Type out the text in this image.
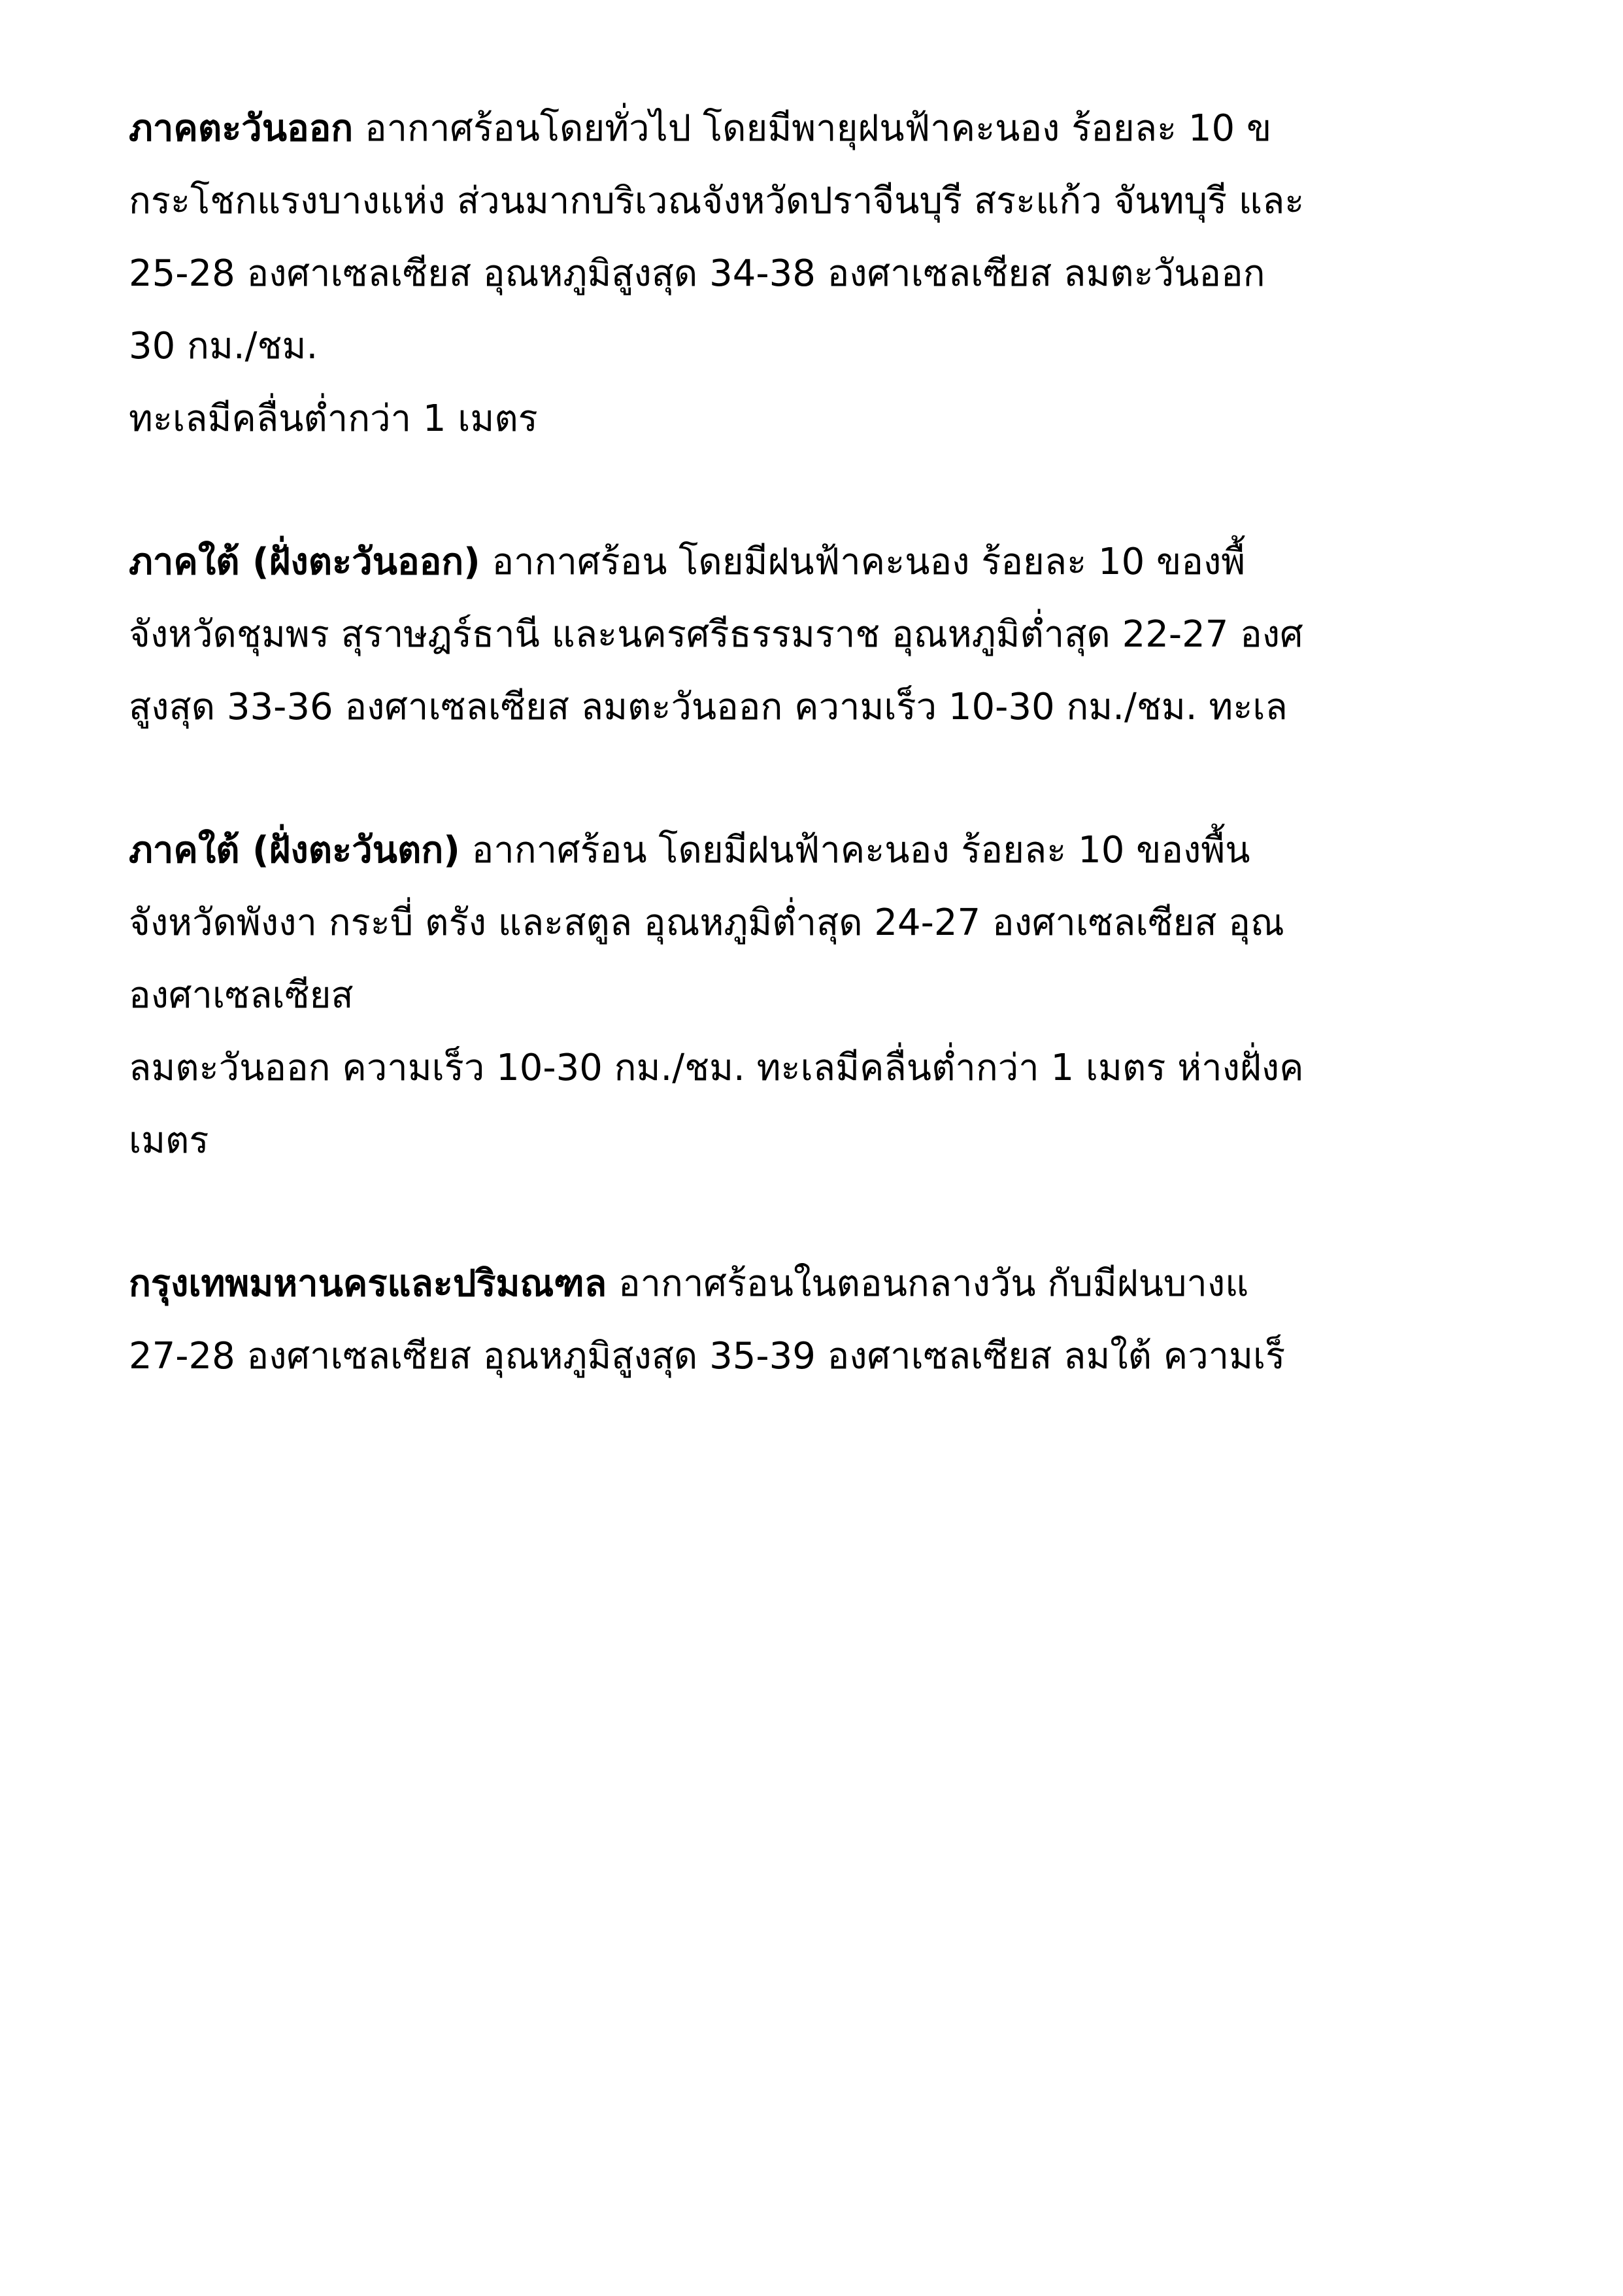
ภาคตะวันออก อากาศร้อนโดยทั่วไป โดยมีพายุฝนฟ้าคะนอง ร้อยละ 10 ข
กระโชกแรงบางแห่ง ส่วนมากบริเวณจังหวัดปราจีนบุรี สระแก้ว จันทบุรี และ
25-28 องศาเซลเซียส อุณหภูมิสูงสุด 34-38 องศาเซลเซียส ลมตะวันออก
30 กม./ชม.
ทะเลมีคลื่นต่ำกว่า 1 เมตร
ภาคใต้ (ฝั่งตะวันออก) อากาศร้อน โดยมีฝนฟ้าคะนอง ร้อยละ 10 ของพื้
จังหวัดชุมพร สุราษฎร์ธานี และนครศรีธรรมราช อุณหภูมิต่ำสุด 22-27 องศ
สูงสุด 33-36 องศาเซลเซียส ลมตะวันออก ความเร็ว 10-30 กม./ชม. ทะเล
ภาคใต้ (ฝั่งตะวันตก) อากาศร้อน โดยมีฝนฟ้าคะนอง ร้อยละ 10 ของพื้น
จังหวัดพังงา กระบี่ ตรัง และสตูล อุณหภูมิต่ำสุด 24-27 องศาเซลเซียส อุณ
องศาเซลเซียส
ลมตะวันออก ความเร็ว 10-30 กม./ชม. ทะเลมีคลื่นต่ำกว่า 1 เมตร ห่างฝั่งค
เมตร
กรุงเทพมหานครและปริมณฑล อากาศร้อนในตอนกลางวัน กับมีฝนบางแ
27-28 องศาเซลเซียส อุณหภูมิสูงสุด 35-39 องศาเซลเซียส ลมใต้ ความเร็
